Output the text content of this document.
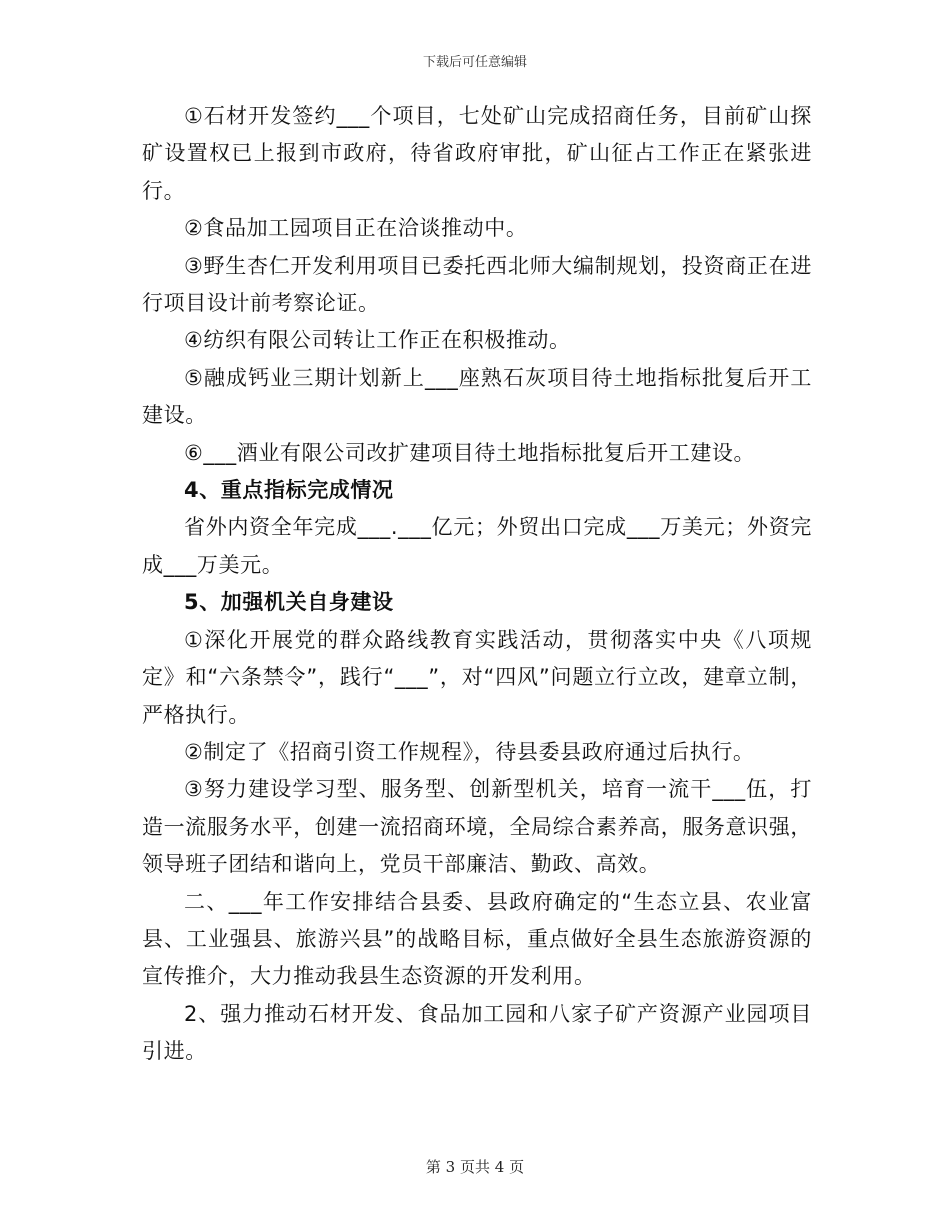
下载后可任意编辑

①石材开发签约___个项目，七处矿山完成招商任务，目前矿山探矿设置权已上报到市政府，待省政府审批，矿山征占工作正在紧张进行。

②食品加工园项目正在洽谈推动中。

③野生杏仁开发利用项目已委托西北师大编制规划，投资商正在进行项目设计前考察论证。

④纺织有限公司转让工作正在积极推动。

⑤融成钙业三期计划新上___座熟石灰项目待土地指标批复后开工建设。

⑥___酒业有限公司改扩建项目待土地指标批复后开工建设。

4、重点指标完成情况

省外内资全年完成___.___亿元；外贸出口完成___万美元；外资完成___万美元。

5、加强机关自身建设

①深化开展党的群众路线教育实践活动，贯彻落实中央《八项规定》和“六条禁令”，践行“___”，对“四风”问题立行立改，建章立制，严格执行。

②制定了《招商引资工作规程》，待县委县政府通过后执行。

③努力建设学习型、服务型、创新型机关，培育一流干___伍，打造一流服务水平，创建一流招商环境，全局综合素养高，服务意识强，领导班子团结和谐向上，党员干部廉洁、勤政、高效。

二、___年工作安排结合县委、县政府确定的“生态立县、农业富县、工业强县、旅游兴县”的战略目标，重点做好全县生态旅游资源的宣传推介，大力推动我县生态资源的开发利用。

2、强力推动石材开发、食品加工园和八家子矿产资源产业园项目引进。

第 3 页共 4 页
